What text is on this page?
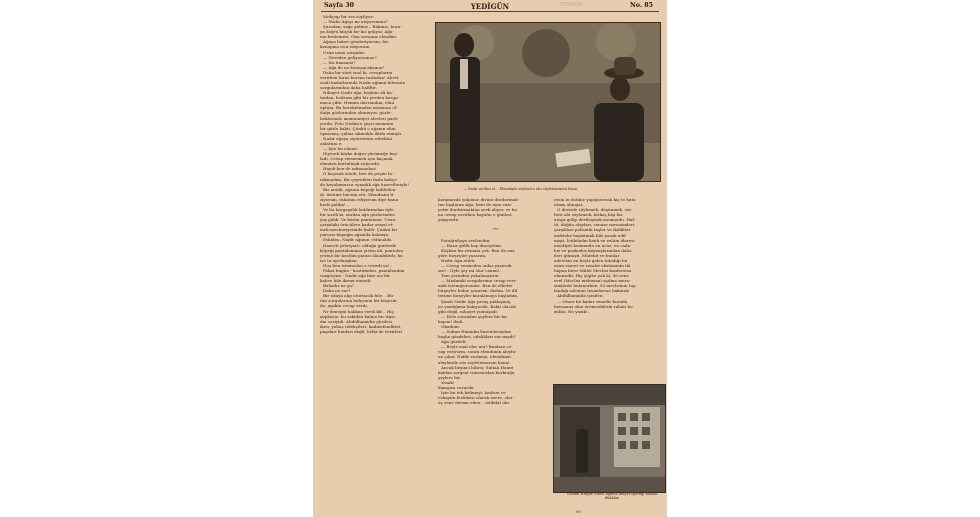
Sayfa 30	YEDİGÜN	No. 85
YEDİGÜN
Mehçup bir ses söyliyor:
— Nadir Ağayı mı arıyorsunuz?
Şuradan, sağa gidinir... Bakınız, bura-
ya doğru küçük bir kız geliyor, Ağa-
nın beslemesi. Ona sorsanız elendim.
Ağaya haber gönderiyorum; bir
kenapına rica ediyorum.
Uzun uzun sorgular:
— Nereden geliyorsunuz?
— Siz kimsiniz?
— Ağa ile ne konuşacaksınız?
Daha bir sürü sual ki, cevaplarını
verirken hiraz berzan tozladım! Ahret
suali kadarlarında Nadir ağanın bilvasıta
sorgularından daha hafiftir.
Nihayet Nadir ağa, köşkün alt ka-
tından, bodrum gibi bir yerden kurgu-
maca çıktı. Hemen davrandım, elini
öptüm. Bu hareketimden memnun ol-
duğu gözlerinden okunuyor, gözle-
beklerinde memnuniyet alevleri parlı-
yordu. Foto Nedim'e şöyri memnun
bir gözle baktı. Çünkü o ağanın elini
öpmemiş, yalnız sıkmakla iktifa etmişti.
Nadir ağaya ziyaretimin sebebini
anlattım e:
— İşte bu olmaz!
Diyerek köşke doğru yürümeğe baş-
ladı. Cevap vermemek için kaçmak,
elimden kurtulmak istiyordu.
Haydi ben de arkasından!
O kaçmak istedi, ben de peşini bı-
rakmadım. Bir çeyrekten fazla bahçe-
de koşulumuzca oynadık ağa hazretleriyle!
Bir aralık, ağanın köpeği hiddetlen-
di, üstüme hücum etti. Efendisini ti-
ziyorum, rahatını ediyorum diye bana
kızdı galiba!...
Ve bu kargaşalık baldırımdan öyle
bir sırıtlı ki, ısırılan ağa gözlerinden
yaş geldi. Ve bütün pantalonu. Uzun-
çarşıdaki örücülere kadar arayıt et-
mek mecburiyetinde kaldı: Çünkü bir
parçası köpeğin ağzında kalmıştı.
Eskiden, Nadir ağanın «Münalda
Hazreti şehriyari» olduğu günlerde
köpeği pantalonumu yırtsa idi, pantolon
yerine bir kostüm parası alınabilirdi; bu
ise ta ayrılmışken.
Hoş ben istemeden o verirdi ya!..
Fakat bugün - kostümden, pantalondan
vazgeçtim - Nadir ağa bize acı bir
kahve bile ikram etmedi.
Bahadır ne ya?
Daha ne var?
Bir odaya alıp oturtacak bile... Bü-
tün sorgularına bahçenin bir köşesin-
de, ayakta cevap verdi.
Nr denegin hakkını verdi kif... Hiç
şüphesiz, bu sakiden kalma bir itiya-
dın cariyidi. Abdülhamidin gözdesi
iken, yalnız tüfekçileri, kadınefendileri,
paşaları bunları değil, belki de vezirleri
— Nadir ne'dan el... Elendimle söylüsü'o altı söyletmemesi bana.
karşımızda yalpanız divanı durdurmak-
tan başlaran Ağa, beni de aynı vazi-
yette durdurmaktan zevk alıyor, ve ba-
na cevap verirken hayalın o günleri
yaşıyordu.
***
Fotoğrafçıya seslendim:
— Hazır gidik bay dinciyelim.
Köşkün bir resmini çek. Ben de ona
göre birşeyler yazarım.
Nadir Ağa atıldı:
— Cevap vermeden onlar yazacak-
sın?.. Öyle şey mi olur canım!..
Tam yerinden yakalamıştım:
— Madamki sorgularıma cevap verr-
mek istemiyorsunuz. Ben de elbette
birşeyler bulur, yazarım, dedim. Ve dil
terime birşeyler karalamaya başladım.
Şimdi Nadir Ağa yavaş yaklaşmış,
ne yazdığıma bakıyordu. Baktı olacak
gibi değil, nihayet yumuşadı:
— Hele sonradan şeylere bir ba-
kayım! dedi.
Okudum:
— Sultan Hamidin haremlerinden
başka gözdeleri, odalıkları var mıydı?
Ağa gürledi:
— Böyle sual olur mu? Bunlara ce-
vap verirsem, sonra efendimin aleyhi-
ne çıkar. Nafile zorlama, efendimin
aleyhinde söz söyletemezsin bana!.
Ancak beşinci bilirsi: Sultan Hamit
kaldan sergeal cimsensdan korktuğu
şeylere bir:
Yasak!
damgası vururdu.
İşte bu tek kelimeyi, hadiset ve
vekayiin fezlekesi olarak üzere, oler
üç sene devam eden... istibdat ida-
resin in üstüne yapıştırırsak kiç te hata
etmiş olmayız.
O devirde söylemek, düşünmek, ser-
best alu söylemek, birkaç kişi bir
araya gelip dertleşmek memnudu. Haf-
tü, düğün alayları, cenaze merasimleri,
çarşıkları polisatik taşlar ve ikilikleri
mektebe başlatmak bile yasak edil-
mişti. İstibdadın kanlı ve zulüm idaresi
menfiyet kuımımda en ucuz, en cada-
lue ve paskodos kaynaşlarından daha
ileri gitmişti. Mütehit ve bunlar
aderesin en beştz gelen tuhafığı bu
uzun eseret ve resalet ekstinsinin iki
bapna birer Millet Meclisi konferensı
olmasıdır. Hiç şüphe yok ki, 36 sene
evel (Meclisi mebusan) açılma mera-
simlerde bulunurken, 93 meclisinin top-
landığı salonun tavanlarına bakarak
Abdülhamidin içinden:
— Oturu bu kadar senedir burada
bavsamış olan örümceklerin rahatı bo-
zuldu. Ne yazık!..
Umumi Harpte Nadir Ağanın kinçat işlettiği kahhal dükkânı
80
